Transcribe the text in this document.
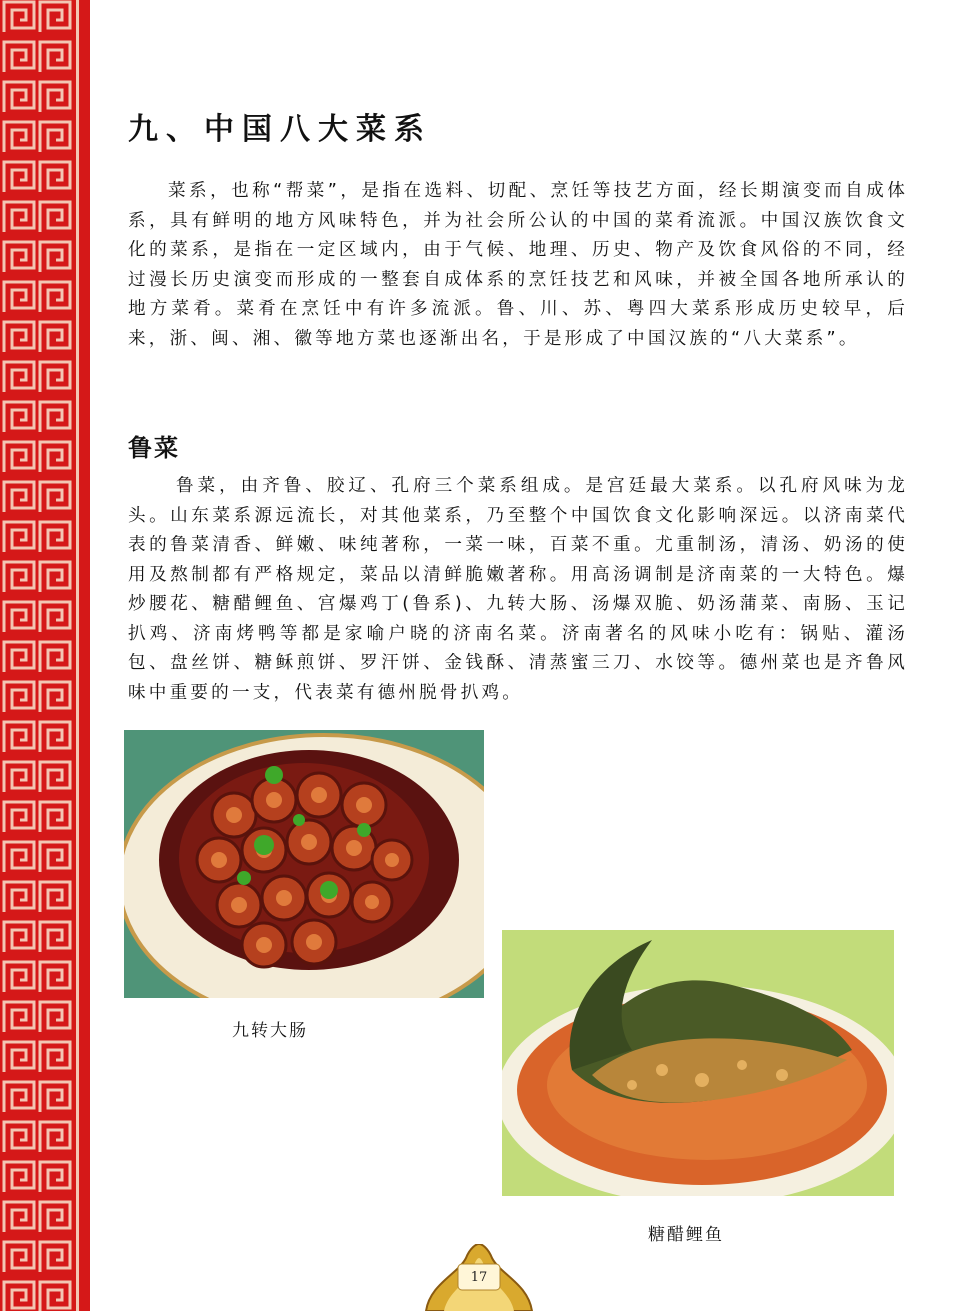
九、中国八大菜系

菜系，也称“帮菜”，是指在选料、切配、烹饪等技艺方面，经长期演变而自成体系，具有鲜明的地方风味特色，并为社会所公认的中国的菜肴流派。中国汉族饮食文化的菜系，是指在一定区域内，由于气候、地理、历史、物产及饮食风俗的不同，经过漫长历史演变而形成的一整套自成体系的烹饪技艺和风味，并被全国各地所承认的地方菜肴。菜肴在烹饪中有许多流派。鲁、川、苏、粤四大菜系形成历史较早，后来，浙、闽、湘、徽等地方菜也逐渐出名，于是形成了中国汉族的“八大菜系”。

鲁菜

鲁菜，由齐鲁、胶辽、孔府三个菜系组成。是宫廷最大菜系。以孔府风味为龙头。山东菜系源远流长，对其他菜系，乃至整个中国饮食文化影响深远。以济南菜代表的鲁菜清香、鲜嫩、味纯著称，一菜一味，百菜不重。尤重制汤，清汤、奶汤的使用及熬制都有严格规定，菜品以清鲜脆嫩著称。用高汤调制是济南菜的一大特色。爆炒腰花、糖醋鲤鱼、宫爆鸡丁(鲁系)、九转大肠、汤爆双脆、奶汤蒲菜、南肠、玉记扒鸡、济南烤鸭等都是家喻户晓的济南名菜。济南著名的风味小吃有：锅贴、灌汤包、盘丝饼、糖稣煎饼、罗汗饼、金钱酥、清蒸蜜三刀、水饺等。德州菜也是齐鲁风味中重要的一支，代表菜有德州脱骨扒鸡。

九转大肠

糖醋鲤鱼

17
